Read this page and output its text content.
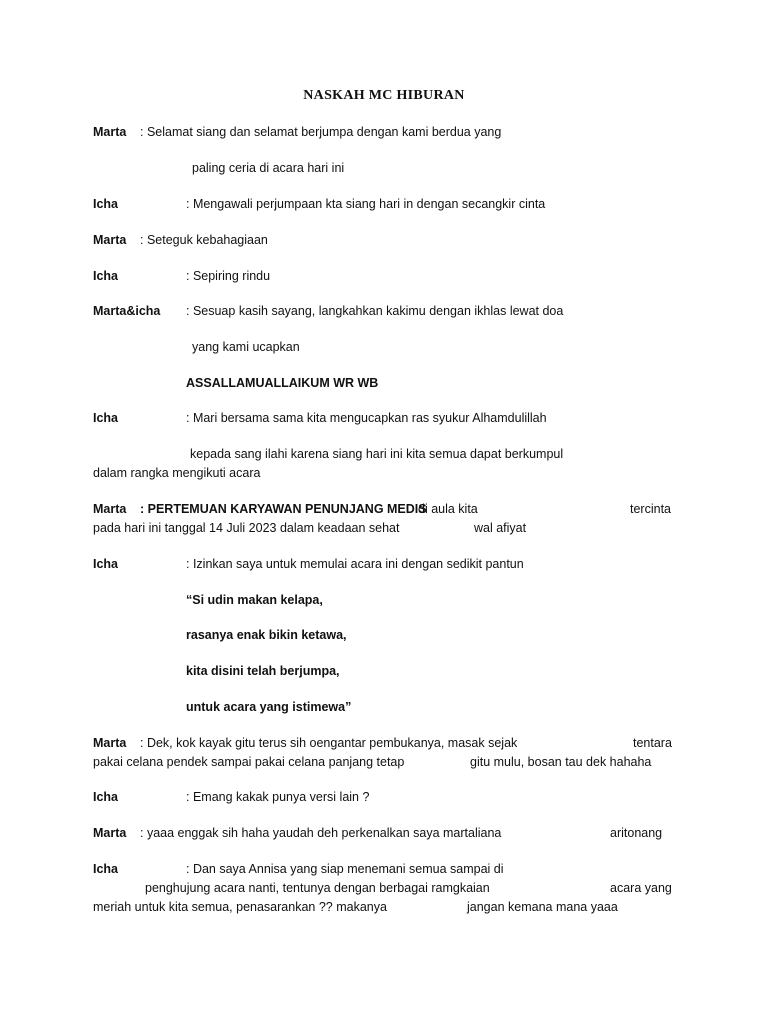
NASKAH MC HIBURAN
Marta : Selamat siang dan selamat berjumpa dengan kami berdua yang
paling ceria di acara hari ini
Icha	: Mengawali perjumpaan kta siang hari in dengan secangkir cinta
Marta : Seteguk kebahagiaan
Icha	: Sepiring rindu
Marta&icha : Sesuap kasih sayang, langkahkan kakimu dengan ikhlas lewat doa
yang kami ucapkan
ASSALLAMUALLAIKUM WR WB
Icha	: Mari bersama sama kita mengucapkan ras syukur Alhamdulillah
kepada sang ilahi karena siang hari ini kita semua dapat berkumpul
dalam rangka mengikuti acara
Marta : PERTEMUAN KARYAWAN PENUNJANG MEDIS
di aula kita	tercinta
pada hari ini tanggal 14 Juli 2023 dalam keadaan sehat	wal afiyat
Icha	: Izinkan saya untuk memulai acara ini dengan sedikit pantun
“Si udin makan kelapa,
rasanya enak bikin ketawa,
kita disini telah berjumpa,
untuk acara yang istimewa”
Marta : Dek, kok kayak gitu terus sih oengantar pembukanya, masak sejak	tentara
pakai celana pendek sampai pakai celana panjang tetap	gitu mulu, bosan tau dek hahaha
Icha	: Emang kakak punya versi lain ?
Marta : yaaa enggak sih haha yaudah deh perkenalkan saya martaliana	aritonang
Icha	: Dan saya Annisa yang siap menemani semua sampai di
penghujung acara nanti, tentunya dengan berbagai ramgkaian	acara yang
meriah untuk kita semua, penasarankan ?? makanya	jangan kemana mana yaaa
